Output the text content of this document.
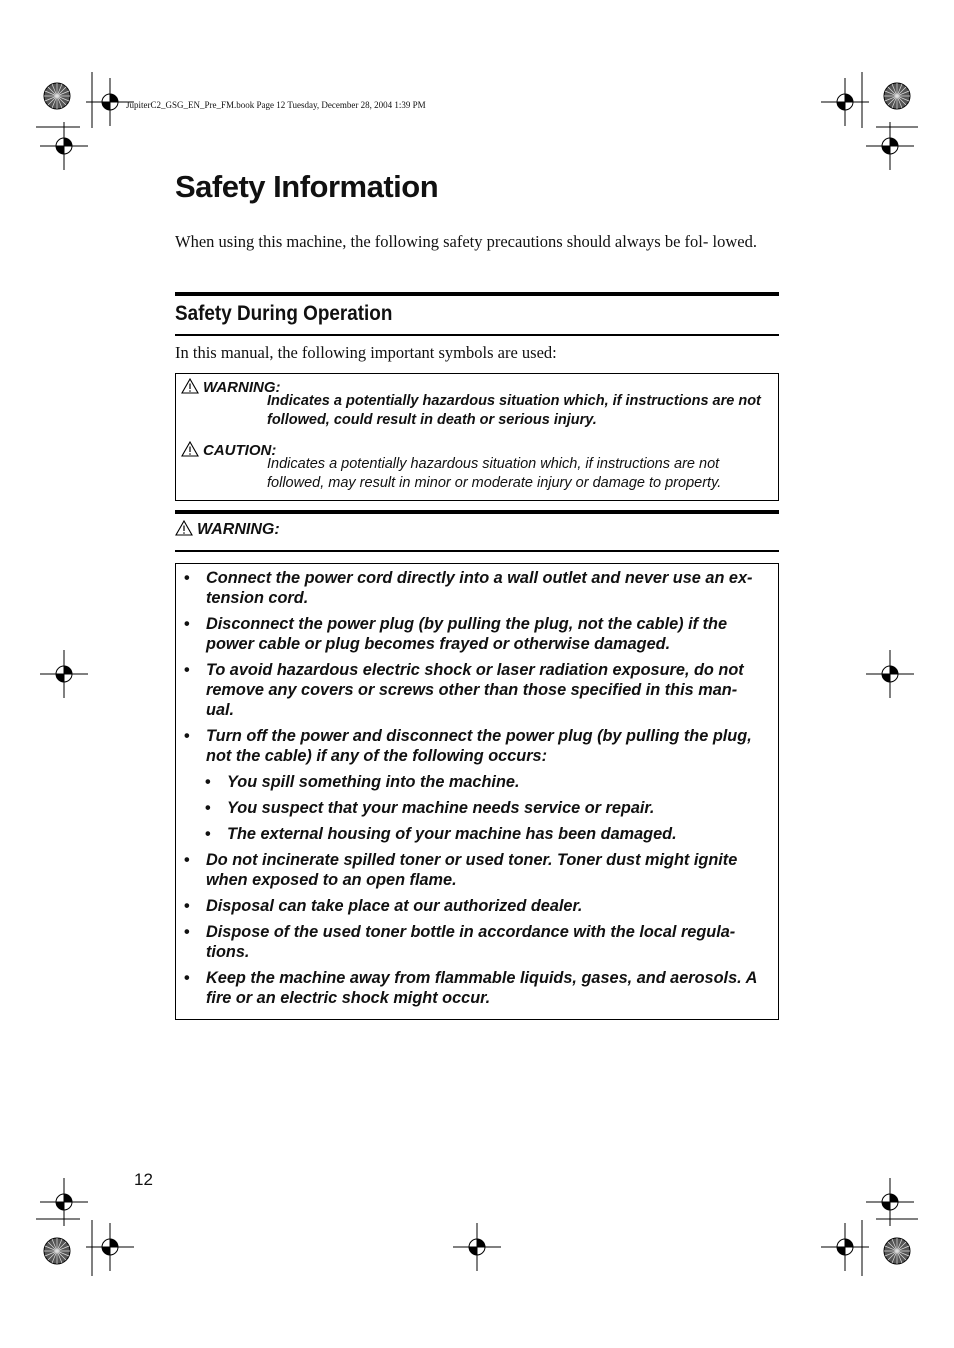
JupiterC2_GSG_EN_Pre_FM.book Page 12 Tuesday, December 28, 2004 1:39 PM
Safety Information

When using this machine, the following safety precautions should always be fol- lowed.

Safety During Operation

In this manual, the following important symbols are used:

WARNING:
Indicates a potentially hazardous situation which, if instructions are not followed, could result in death or serious injury.
CAUTION:
Indicates a potentially hazardous situation which, if instructions are not followed, may result in minor or moderate injury or damage to property.
WARNING:
• Connect the power cord directly into a wall outlet and never use an ex- tension cord.
• Disconnect the power plug (by pulling the plug, not the cable) if the power cable or plug becomes frayed or otherwise damaged.
• To avoid hazardous electric shock or laser radiation exposure, do not remove any covers or screws other than those specified in this man- ual.
• Turn off the power and disconnect the power plug (by pulling the plug, not the cable) if any of the following occurs:
• You spill something into the machine.
• You suspect that your machine needs service or repair.
• The external housing of your machine has been damaged.
• Do not incinerate spilled toner or used toner. Toner dust might ignite when exposed to an open flame.
• Disposal can take place at our authorized dealer.
• Dispose of the used toner bottle in accordance with the local regula- tions.
• Keep the machine away from flammable liquids, gases, and aerosols. A fire or an electric shock might occur.
12
